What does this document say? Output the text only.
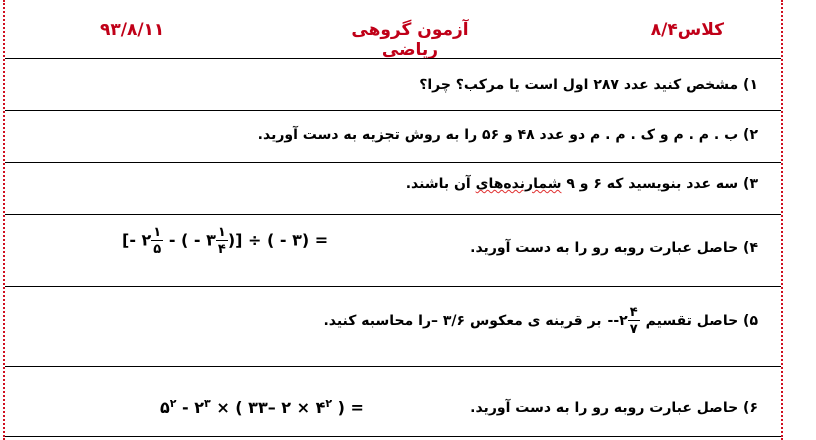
کلاس۸/۴
آزمون گروهی ریاضی
۹۳/۸/۱۱
۱) مشخص کنید عدد ۲۸۷ اول است یا مرکب؟ چرا؟
۲) ب . م . م و ک . م . م دو عدد ۴۸ و ۵۶ را به روش تجزیه به دست آورید.
۳) سه عدد بنویسید که ۶ و ۹ شمارنده‌های آن باشند.
۴) حاصل عبارت روبه رو را به دست آورید.
[- ۲ $\frac{۱}{۵}$ - ( - ۳ $\frac{۱}{۴}$ )] ÷ ( - ۳) =
۵) حاصل تقسیم
--۲ $\frac{۴}{۷}$
بر قرینه ی معکوس ۳/۶ –را محاسبه کنید.
۶) حاصل عبارت روبه رو را به دست آورید.
$۵^۲$ - $۲^۳$ × ( ۳۳– ۲ × $۴^۲$ ) =
